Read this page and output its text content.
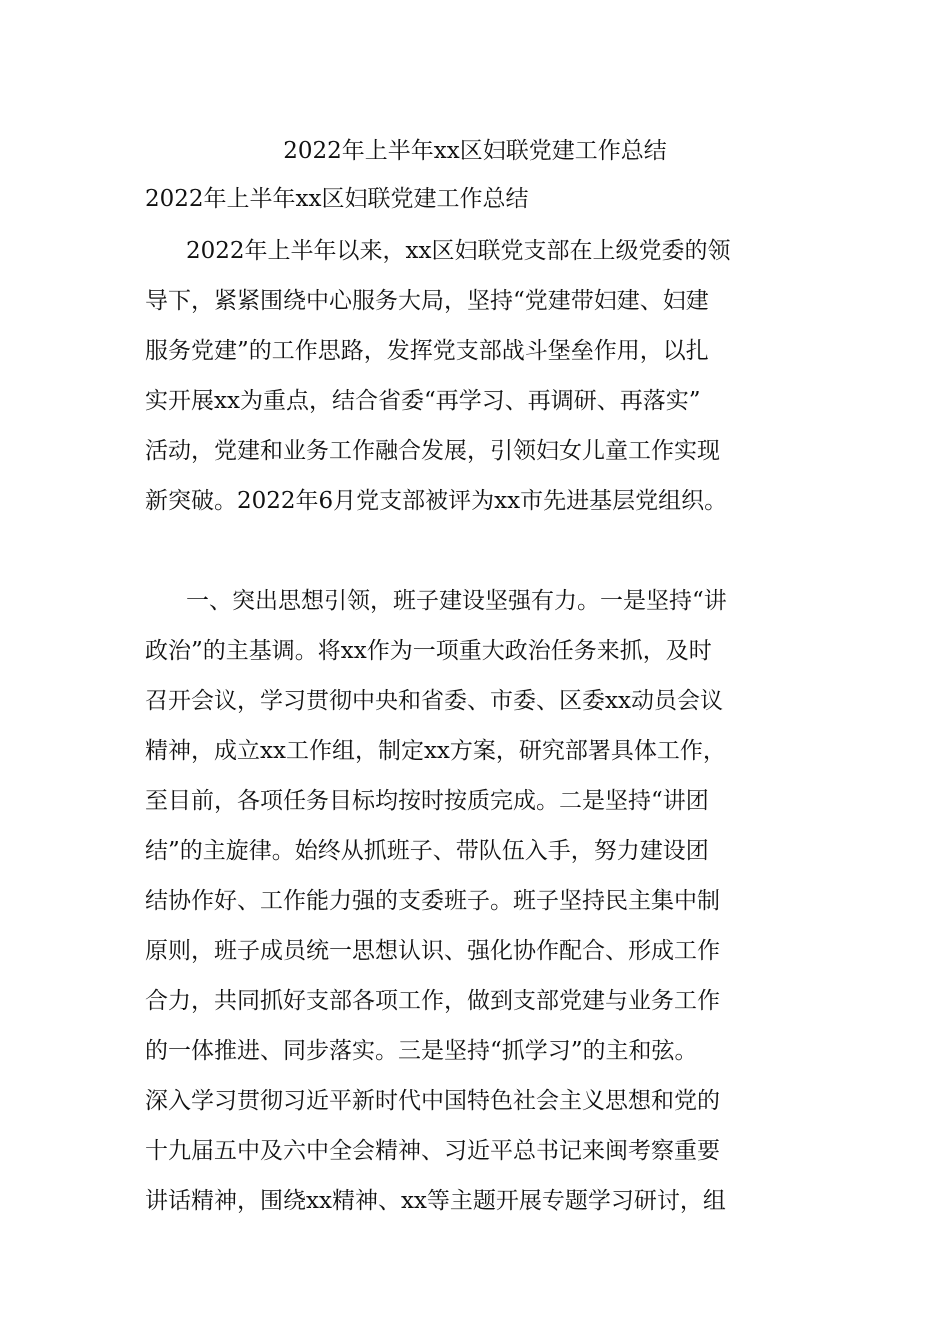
2022年上半年xx区妇联党建工作总结
2022年上半年xx区妇联党建工作总结
2022年上半年以来，xx区妇联党支部在上级党委的领
导下，紧紧围绕中心服务大局，坚持“党建带妇建、妇建
服务党建”的工作思路，发挥党支部战斗堡垒作用，以扎
实开展xx为重点，结合省委“再学习、再调研、再落实”
活动，党建和业务工作融合发展，引领妇女儿童工作实现
新突破。2022年6月党支部被评为xx市先进基层党组织。
一、突出思想引领，班子建设坚强有力。一是坚持“讲
政治”的主基调。将xx作为一项重大政治任务来抓，及时
召开会议，学习贯彻中央和省委、市委、区委xx动员会议
精神，成立xx工作组，制定xx方案，研究部署具体工作，
至目前，各项任务目标均按时按质完成。二是坚持“讲团
结”的主旋律。始终从抓班子、带队伍入手，努力建设团
结协作好、工作能力强的支委班子。班子坚持民主集中制
原则，班子成员统一思想认识、强化协作配合、形成工作
合力，共同抓好支部各项工作，做到支部党建与业务工作
的一体推进、同步落实。三是坚持“抓学习”的主和弦。
深入学习贯彻习近平新时代中国特色社会主义思想和党的
十九届五中及六中全会精神、习近平总书记来闽考察重要
讲话精神，围绕xx精神、xx等主题开展专题学习研讨，组
